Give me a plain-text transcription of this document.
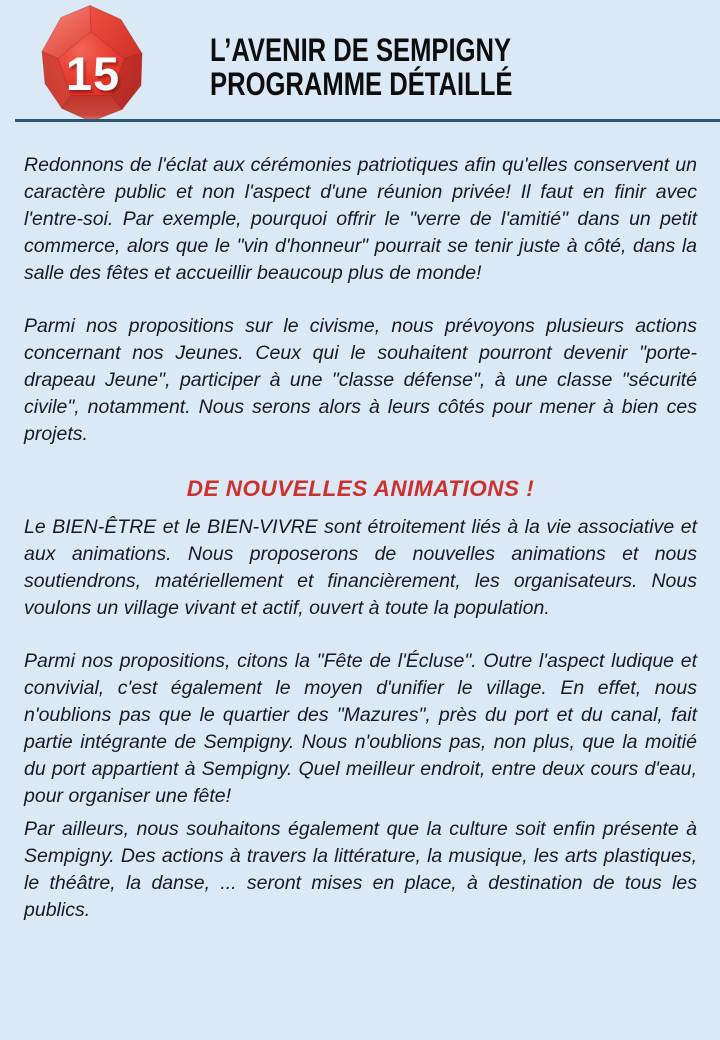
15	L’AVENIR DE SEMPIGNY
PROGRAMME DÉTAILLÉ

Redonnons de l'éclat aux cérémonies patriotiques afin qu'elles conservent un caractère public et non l'aspect d'une réunion privée! Il faut en finir avec l'entre-soi. Par exemple, pourquoi offrir le "verre de l'amitié" dans un petit commerce, alors que le "vin d'honneur" pourrait se tenir juste à côté, dans la salle des fêtes et accueillir beaucoup plus de monde!

Parmi nos propositions sur le civisme, nous prévoyons plusieurs actions concernant nos Jeunes. Ceux qui le souhaitent pourront devenir "porte-drapeau Jeune", participer à une "classe défense", à une classe "sécurité civile", notamment. Nous serons alors à leurs côtés pour mener à bien ces projets.

DE NOUVELLES ANIMATIONS !

Le BIEN-ÊTRE et le BIEN-VIVRE sont étroitement liés à la vie associative et aux animations. Nous proposerons de nouvelles animations et nous soutiendrons, matériellement et financièrement, les organisateurs. Nous voulons un village vivant et actif, ouvert à toute la population.

Parmi nos propositions, citons la "Fête de l'Écluse". Outre l'aspect ludique et convivial, c'est également le moyen d'unifier le village. En effet, nous n'oublions pas que le quartier des "Mazures", près du port et du canal, fait partie intégrante de Sempigny. Nous n'oublions pas, non plus, que la moitié du port appartient à Sempigny. Quel meilleur endroit, entre deux cours d'eau, pour organiser une fête!

Par ailleurs, nous souhaitons également que la culture soit enfin présente à Sempigny. Des actions à travers la littérature, la musique, les arts plastiques, le théâtre, la danse, ... seront mises en place, à destination de tous les publics.
